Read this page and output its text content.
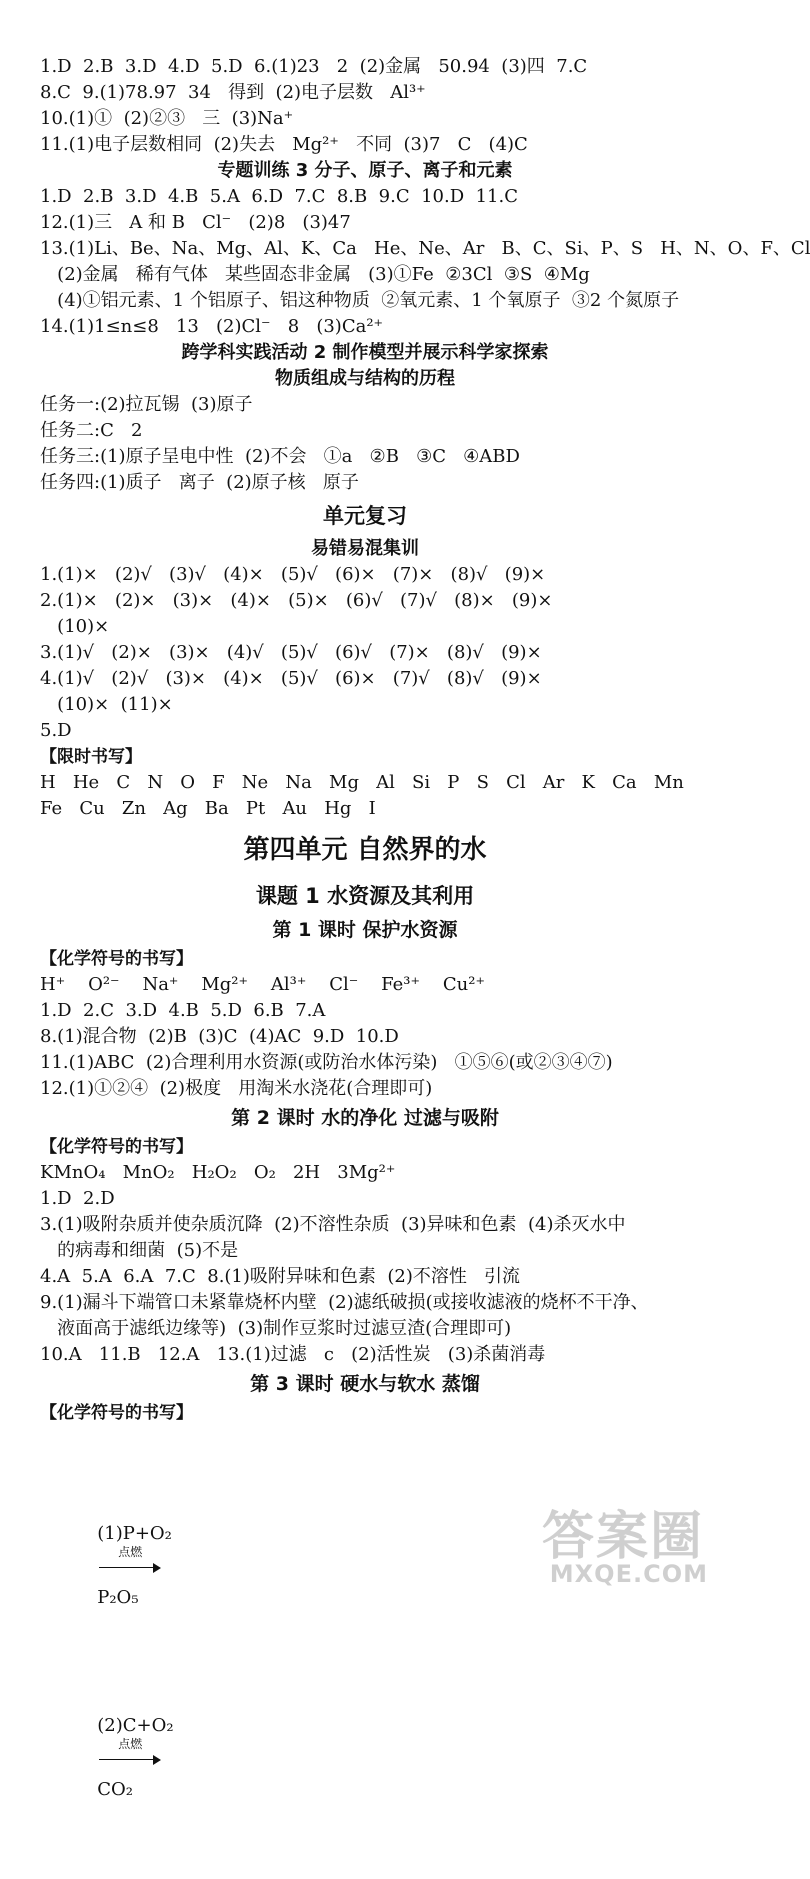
1.D  2.B  3.D  4.D  5.D  6.(1)23   2  (2)金属   50.94  (3)四  7.C
8.C  9.(1)78.97  34   得到  (2)电子层数   Al³⁺
10.(1)①  (2)②③   三  (3)Na⁺
11.(1)电子层数相同  (2)失去   Mg²⁺   不同  (3)7   C   (4)C
专题训练 3 分子、原子、离子和元素
1.D  2.B  3.D  4.B  5.A  6.D  7.C  8.B  9.C  10.D  11.C
12.(1)三   A 和 B   Cl⁻   (2)8   (3)47
13.(1)Li、Be、Na、Mg、Al、K、Ca   He、Ne、Ar   B、C、Si、P、S   H、N、O、F、Cl
(2)金属   稀有气体   某些固态非金属   (3)①Fe  ②3Cl  ③S  ④Mg
(4)①铝元素、1 个铝原子、铝这种物质  ②氧元素、1 个氧原子  ③2 个氮原子
14.(1)1≤n≤8   13   (2)Cl⁻   8   (3)Ca²⁺
跨学科实践活动 2 制作模型并展示科学家探索
物质组成与结构的历程
任务一:(2)拉瓦锡  (3)原子
任务二:C   2
任务三:(1)原子呈电中性  (2)不会   ①a   ②B   ③C   ④ABD
任务四:(1)质子   离子  (2)原子核   原子
单元复习
易错易混集训
1.(1)×   (2)√   (3)√   (4)×   (5)√   (6)×   (7)×   (8)√   (9)×
2.(1)×   (2)×   (3)×   (4)×   (5)×   (6)√   (7)√   (8)×   (9)×
(10)×
3.(1)√   (2)×   (3)×   (4)√   (5)√   (6)√   (7)×   (8)√   (9)×
4.(1)√   (2)√   (3)×   (4)×   (5)√   (6)×   (7)√   (8)√   (9)×
(10)×  (11)×
5.D
【限时书写】
H   He   C   N   O   F   Ne   Na   Mg   Al   Si   P   S   Cl   Ar   K   Ca   Mn
Fe   Cu   Zn   Ag   Ba   Pt   Au   Hg   I
第四单元 自然界的水
课题 1 水资源及其利用
第 1 课时 保护水资源
【化学符号的书写】
H⁺    O²⁻    Na⁺    Mg²⁺    Al³⁺    Cl⁻    Fe³⁺    Cu²⁺
1.D  2.C  3.D  4.B  5.D  6.B  7.A
8.(1)混合物  (2)B  (3)C  (4)AC  9.D  10.D
11.(1)ABC  (2)合理利用水资源(或防治水体污染)   ①⑤⑥(或②③④⑦)
12.(1)①②④  (2)极度   用淘米水浇花(合理即可)
第 2 课时 水的净化 过滤与吸附
【化学符号的书写】
KMnO₄   MnO₂   H₂O₂   O₂   2H   3Mg²⁺
1.D  2.D
3.(1)吸附杂质并使杂质沉降  (2)不溶性杂质  (3)异味和色素  (4)杀灭水中
的病毒和细菌  (5)不是
4.A  5.A  6.A  7.C  8.(1)吸附异味和色素  (2)不溶性   引流
9.(1)漏斗下端管口未紧靠烧杯内壁  (2)滤纸破损(或接收滤液的烧杯不干净、
液面高于滤纸边缘等)  (3)制作豆浆时过滤豆渣(合理即可)
10.A   11.B   12.A   13.(1)过滤   c   (2)活性炭   (3)杀菌消毒
第 3 课时 硬水与软水 蒸馏
【化学符号的书写】

(1)P+O₂

点燃

P₂O₅

(2)C+O₂

点燃

CO₂

答案圈
MXQE.COM
